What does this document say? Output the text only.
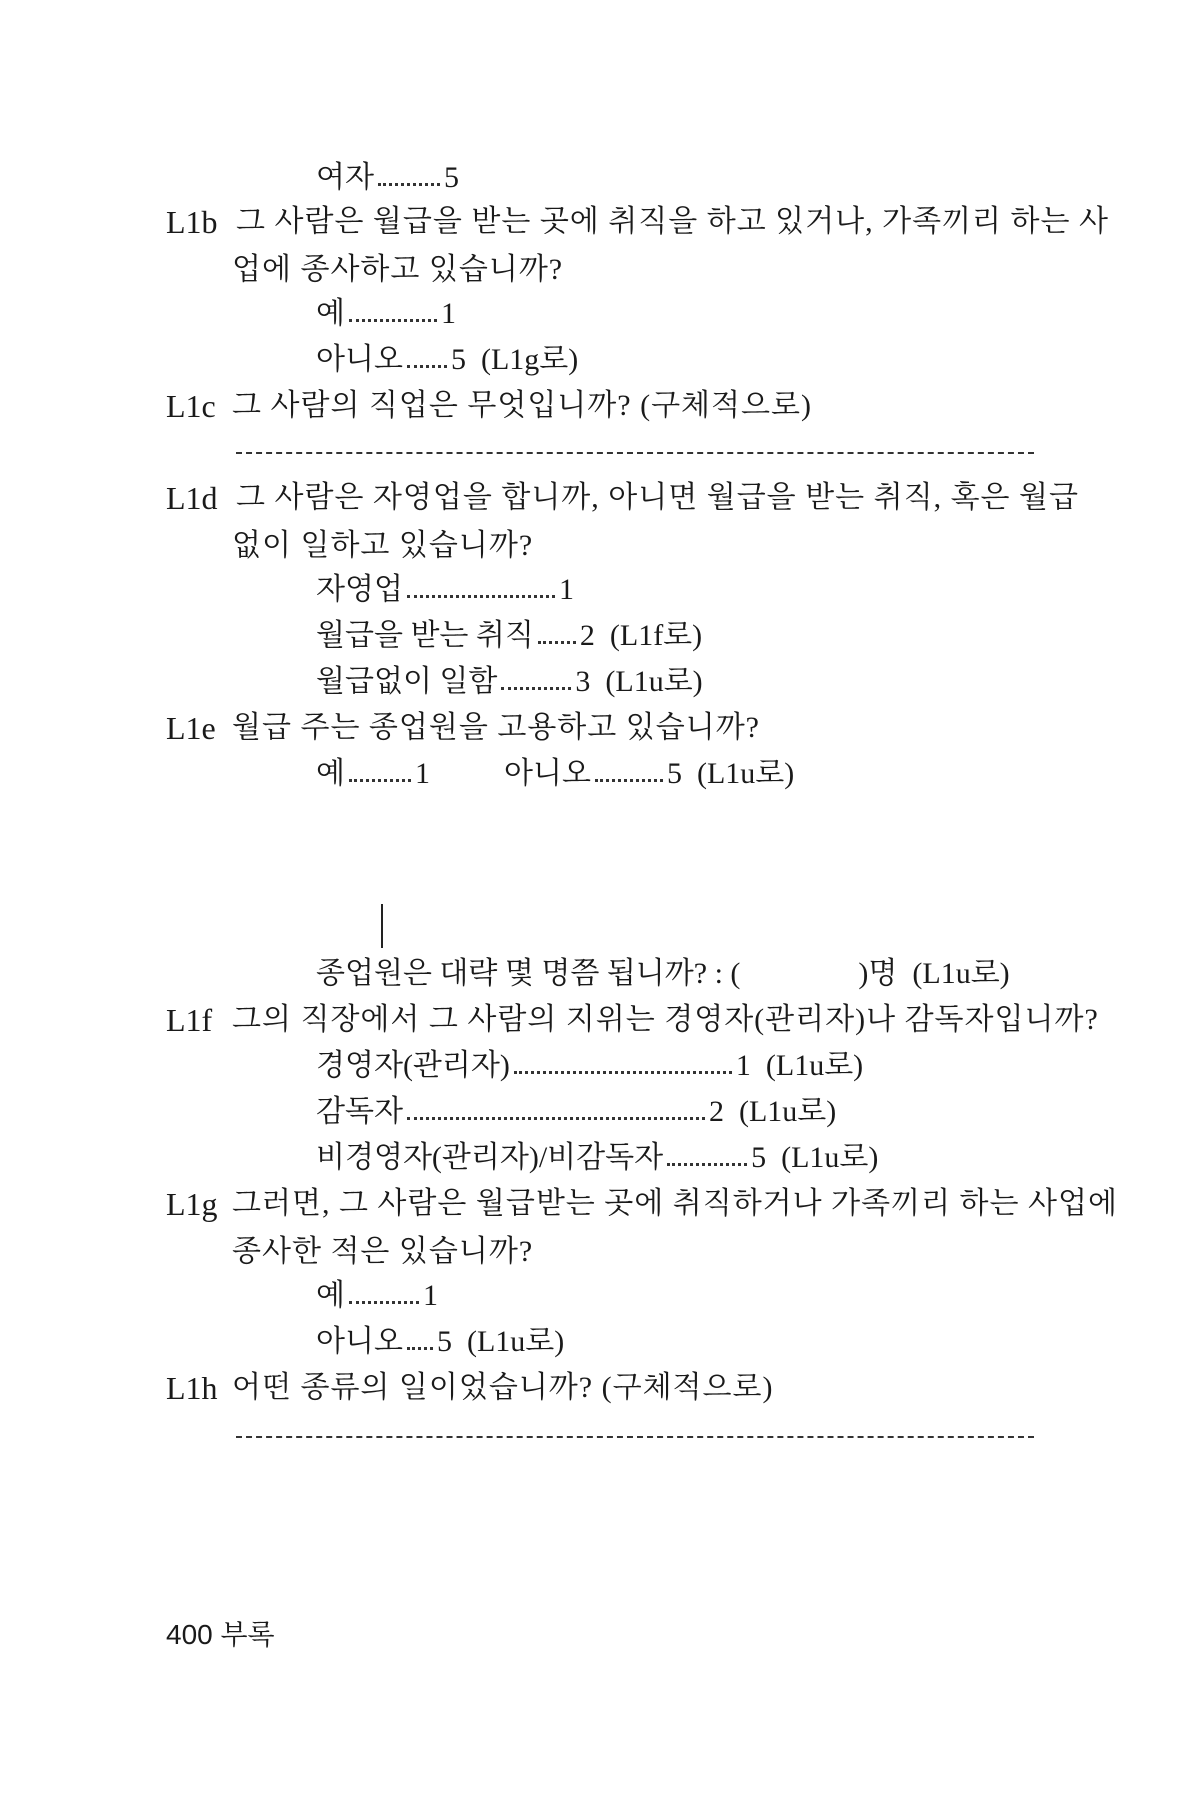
여자 5
L1b 그 사람은 월급을 받는 곳에 취직을 하고 있거나, 가족끼리 하는 사
업에 종사하고 있습니까?
예	1
아니오 5 (L1g로)
L1c 그 사람의 직업은 무엇입니까? (구체적으로)
L1d 그 사람은 자영업을 합니까, 아니면 월급을 받는 취직, 혹은 월급
없이 일하고 있습니까?
자영업	1
월급을 받는 취직 2 (L1f로)
월급없이 일함	3 (L1u로)
L1e 월급 주는 종업원을 고용하고 있습니까?
예 1 아니오	5 (L1u로)
종업원은 대략 몇 명쯤 됩니까? : (	)명 (L1u로)
L1f 그의 직장에서 그 사람의 지위는 경영자(관리자)나 감독자입니까?
경영자(관리자)	1 (L1u로)
감독자	2 (L1u로)
비경영자(관리자)/비감독자	5 (L1u로)
L1g 그러면, 그 사람은 월급받는 곳에 취직하거나 가족끼리 하는 사업에
종사한 적은 있습니까?
예	1
아니오 5 (L1u로)
L1h 어떤 종류의 일이었습니까? (구체적으로)
400 부록
